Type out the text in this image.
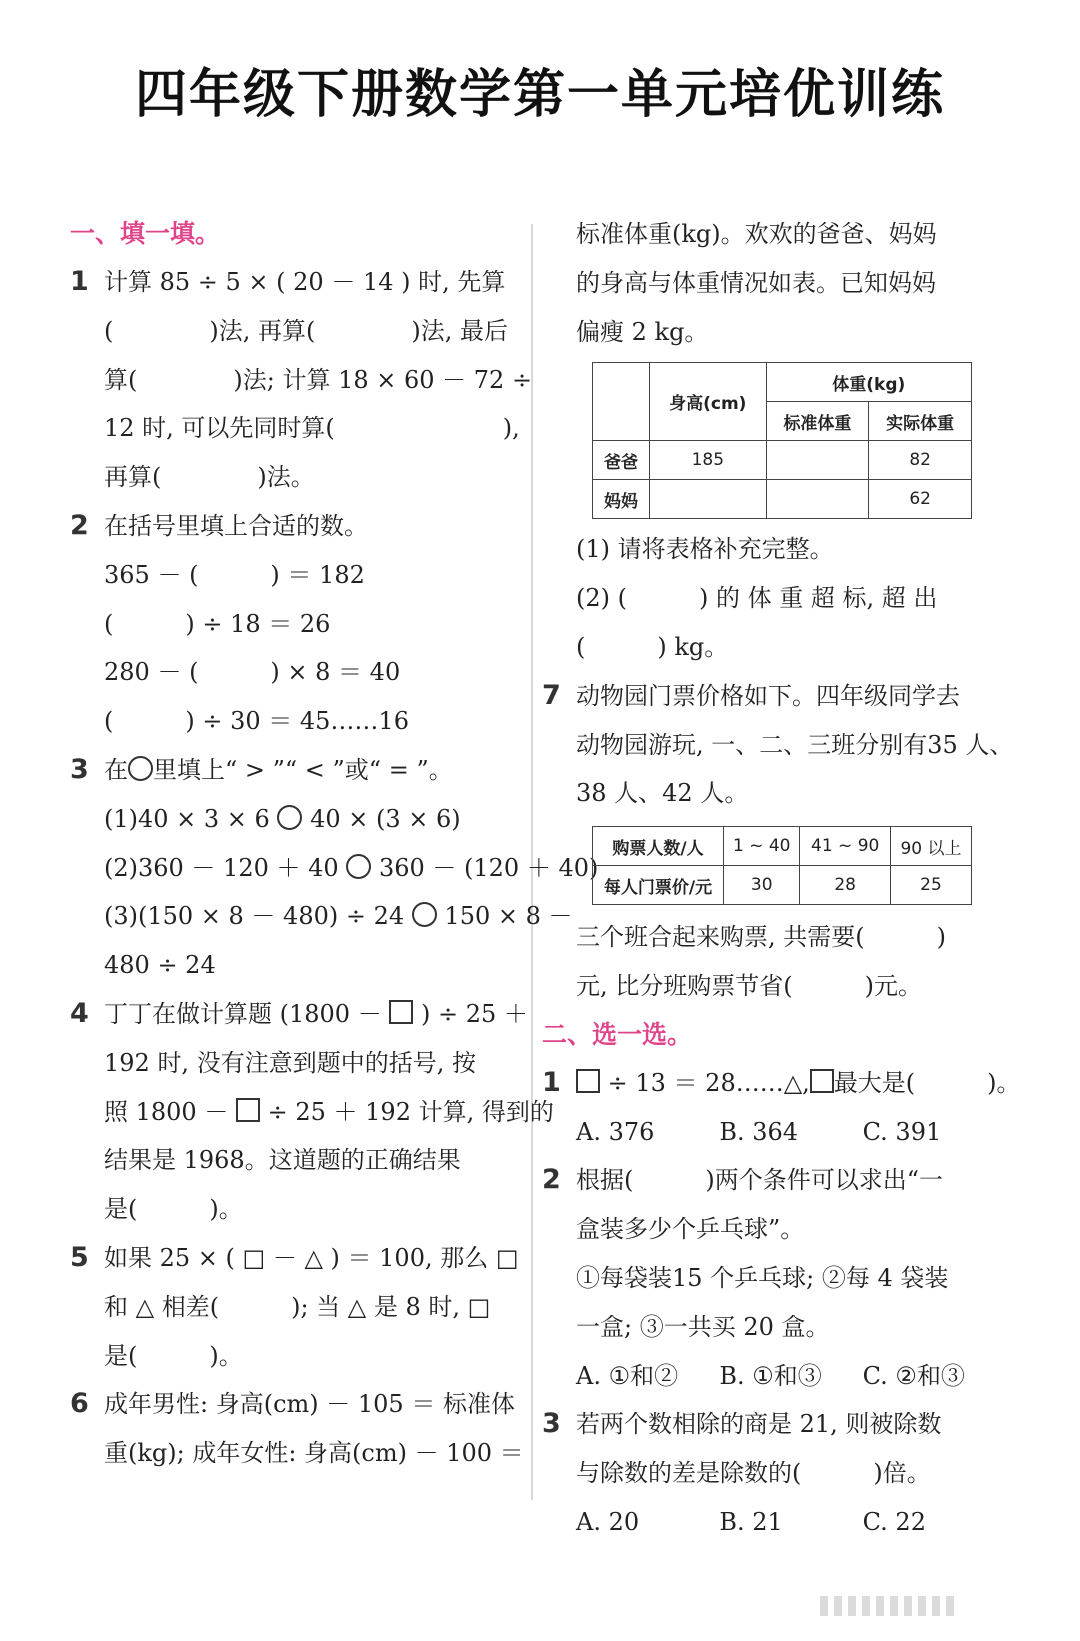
四年级下册数学第一单元培优训练
一、填一填。
1 计算 85 ÷ 5 × ( 20 － 14 ) 时, 先算
(　　　　)法, 再算(　　　　)法, 最后
算(　　　　)法; 计算 18 × 60 － 72 ÷
12 时, 可以先同时算(　　　　　　　),
再算(　　　　)法。
2 在括号里填上合适的数。
365 － (　　　) ＝ 182
(　　　) ÷ 18 ＝ 26
280 － (　　　) × 8 ＝ 40
(　　　) ÷ 30 ＝ 45……16
3 在 里填上“ > ”“ < ”或“ = ”。
(1)40 × 3 × 6 40 × (3 × 6)
(2)360 － 120 ＋ 40 360 － (120 ＋ 40)
(3)(150 × 8 － 480) ÷ 24 150 × 8 －
480 ÷ 24
4 丁丁在做计算题 (1800 － ) ÷ 25 ＋
192 时, 没有注意到题中的括号, 按
照 1800 － ÷ 25 ＋ 192 计算, 得到的
结果是 1968。这道题的正确结果
是(　　　)。
5 如果 25 × ( □ － △ ) ＝ 100, 那么 □
和 △ 相差(　　　); 当 △ 是 8 时, □
是(　　　)。
6 成年男性: 身高(cm) － 105 ＝ 标准体
重(kg); 成年女性: 身高(cm) － 100 ＝
标准体重(kg)。欢欢的爸爸、妈妈
的身高与体重情况如表。已知妈妈
偏瘦 2 kg。
	身高(cm)	体重(kg)	
		标准体重	实际体重
爸爸	185		82
妈妈			62
(1) 请将表格补充完整。
(2) (　　　) 的 体 重 超 标, 超 出
(　　　) kg。
7 动物园门票价格如下。四年级同学去
动物园游玩, 一、二、三班分别有35 人、
38 人、42 人。
购票人数/人	1 ~ 40	41 ~ 90	90 以上
每人门票价/元	30	28	25
三个班合起来购票, 共需要(　　　)
元, 比分班购票节省(　　　)元。
二、选一选。
1	÷ 13 ＝ 28……△, 最大是(　　　)。
A. 376	B. 364	C. 391
2 根据(　　　)两个条件可以求出“一
盒装多少个乒乓球”。
①每袋装15 个乒乓球; ②每 4 袋装
一盒; ③一共买 20 盒。
A. ①和②	B. ①和③	C. ②和③
3 若两个数相除的商是 21, 则被除数
与除数的差是除数的(　　　)倍。
A. 20	B. 21	C. 22
